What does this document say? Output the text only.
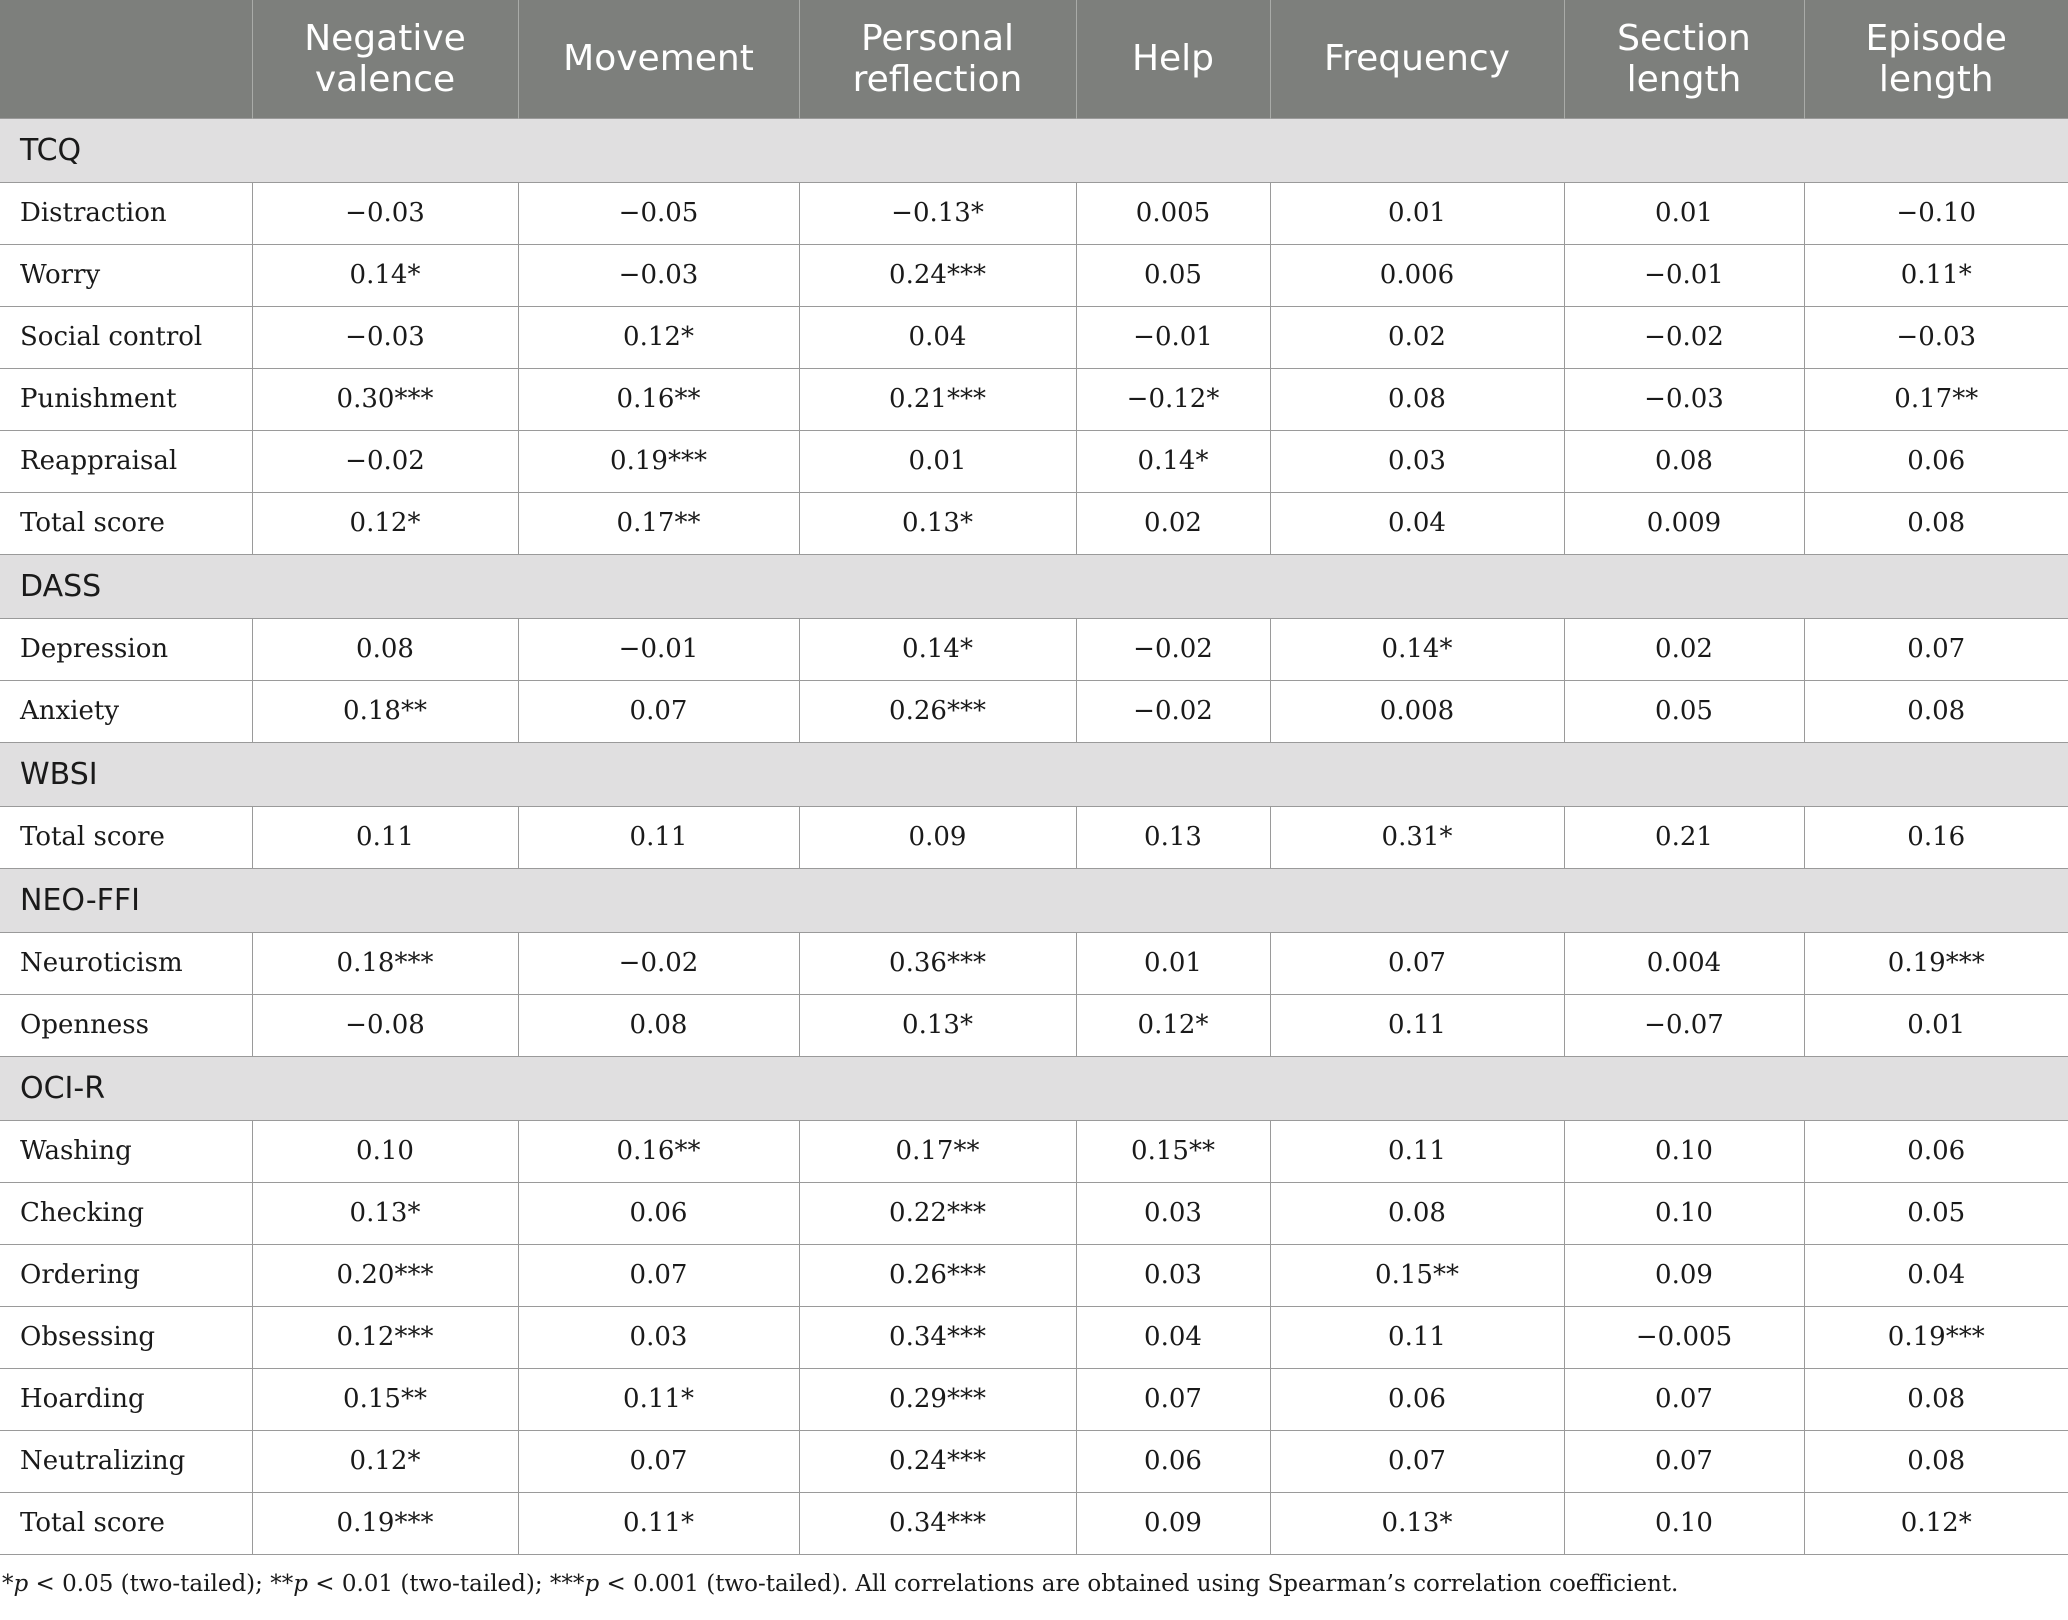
	Negative valence	Movement	Personal reflection	Help	Frequency	Section length	Episode length
TCQ							
Distraction	−0.03	−0.05	−0.13*	0.005	0.01	0.01	−0.10
Worry	0.14*	−0.03	0.24***	0.05	0.006	−0.01	0.11*
Social control	−0.03	0.12*	0.04	−0.01	0.02	−0.02	−0.03
Punishment	0.30***	0.16**	0.21***	−0.12*	0.08	−0.03	0.17**
Reappraisal	−0.02	0.19***	0.01	0.14*	0.03	0.08	0.06
Total score	0.12*	0.17**	0.13*	0.02	0.04	0.009	0.08
DASS							
Depression	0.08	−0.01	0.14*	−0.02	0.14*	0.02	0.07
Anxiety	0.18**	0.07	0.26***	−0.02	0.008	0.05	0.08
WBSI							
Total score	0.11	0.11	0.09	0.13	0.31*	0.21	0.16
NEO-FFI							
Neuroticism	0.18***	−0.02	0.36***	0.01	0.07	0.004	0.19***
Openness	−0.08	0.08	0.13*	0.12*	0.11	−0.07	0.01
OCI-R							
Washing	0.10	0.16**	0.17**	0.15**	0.11	0.10	0.06
Checking	0.13*	0.06	0.22***	0.03	0.08	0.10	0.05
Ordering	0.20***	0.07	0.26***	0.03	0.15**	0.09	0.04
Obsessing	0.12***	0.03	0.34***	0.04	0.11	−0.005	0.19***
Hoarding	0.15**	0.11*	0.29***	0.07	0.06	0.07	0.08
Neutralizing	0.12*	0.07	0.24***	0.06	0.07	0.07	0.08
Total score	0.19***	0.11*	0.34***	0.09	0.13*	0.10	0.12*
*p < 0.05 (two-tailed); **p < 0.01 (two-tailed); ***p < 0.001 (two-tailed). All correlations are obtained using Spearman’s correlation coefficient.
